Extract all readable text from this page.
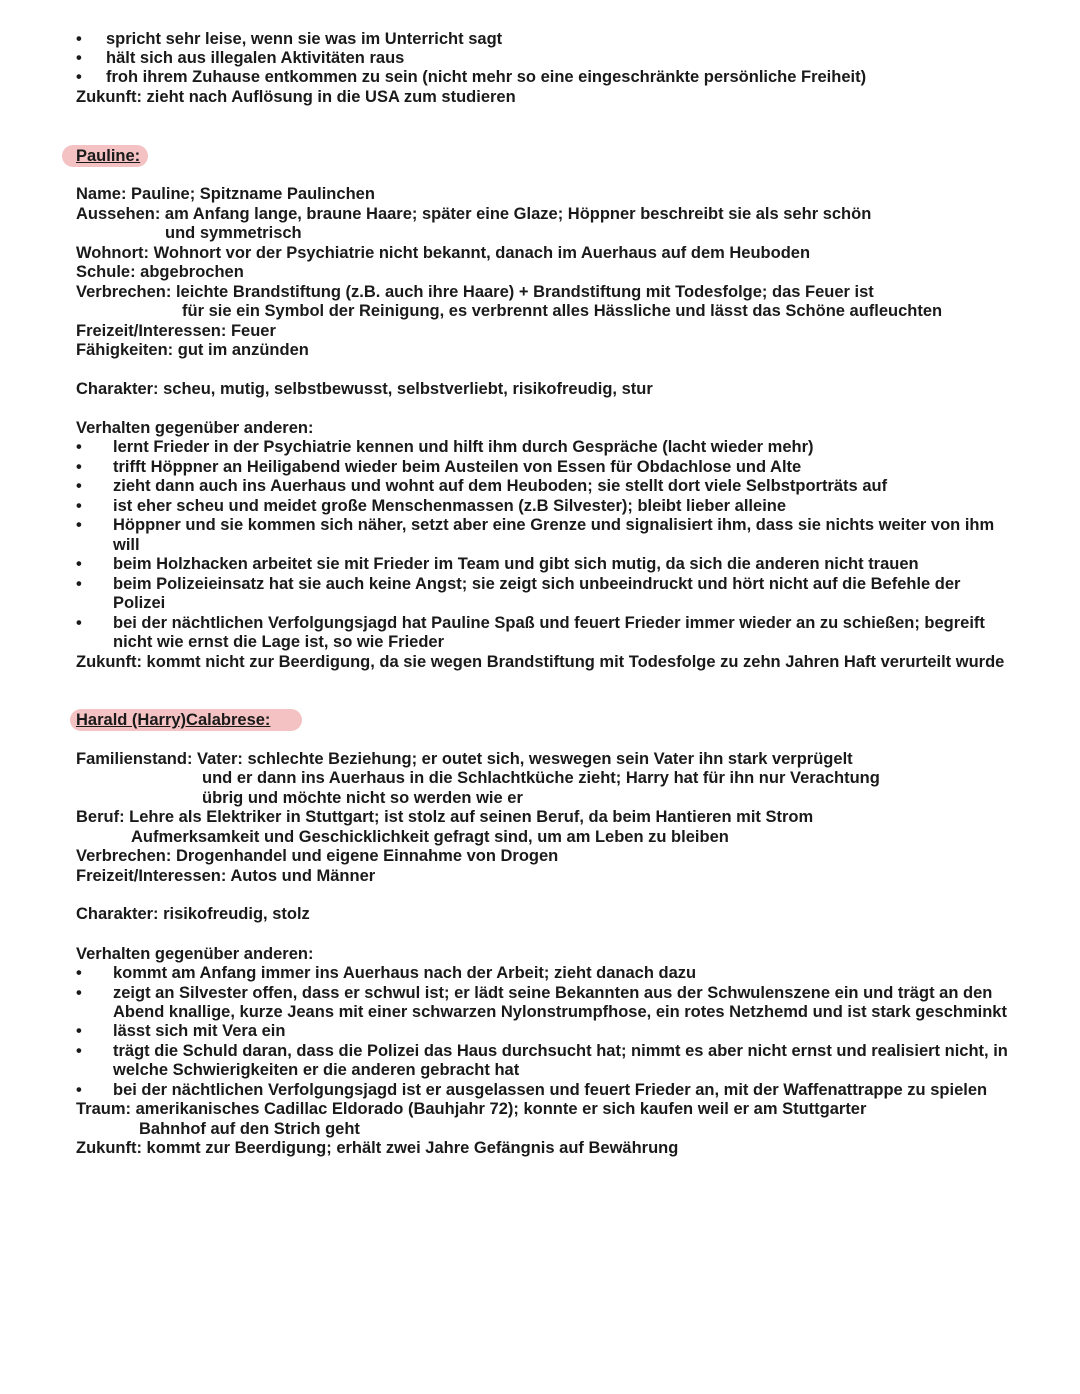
• spricht sehr leise, wenn sie was im Unterricht sagt
• hält sich aus illegalen Aktivitäten raus
• froh ihrem Zuhause entkommen zu sein (nicht mehr so eine eingeschränkte persönliche Freiheit)
Zukunft: zieht nach Auflösung in die USA zum studieren
Pauline:
Name: Pauline; Spitzname Paulinchen
Aussehen: am Anfang lange, braune Haare; später eine Glaze; Höppner beschreibt sie als sehr schön
und symmetrisch
Wohnort: Wohnort vor der Psychiatrie nicht bekannt, danach im Auerhaus auf dem Heuboden
Schule: abgebrochen
Verbrechen: leichte Brandstiftung (z.B. auch ihre Haare) + Brandstiftung mit Todesfolge; das Feuer ist
für sie ein Symbol der Reinigung, es verbrennt alles Hässliche und lässt das Schöne aufleuchten
Freizeit/Interessen: Feuer
Fähigkeiten: gut im anzünden
Charakter: scheu, mutig, selbstbewusst, selbstverliebt, risikofreudig, stur
Verhalten gegenüber anderen:
• lernt Frieder in der Psychiatrie kennen und hilft ihm durch Gespräche (lacht wieder mehr)
• trifft Höppner an Heiligabend wieder beim Austeilen von Essen für Obdachlose und Alte
• zieht dann auch ins Auerhaus und wohnt auf dem Heuboden; sie stellt dort viele Selbstporträts auf
• ist eher scheu und meidet große Menschenmassen (z.B Silvester); bleibt lieber alleine
• Höppner und sie kommen sich näher, setzt aber eine Grenze und signalisiert ihm, dass sie nichts weiter von ihm
will
• beim Holzhacken arbeitet sie mit Frieder im Team und gibt sich mutig, da sich die anderen nicht trauen
• beim Polizeieinsatz hat sie auch keine Angst; sie zeigt sich unbeeindruckt und hört nicht auf die Befehle der
Polizei
• bei der nächtlichen Verfolgungsjagd hat Pauline Spaß und feuert Frieder immer wieder an zu schießen; begreift
nicht wie ernst die Lage ist, so wie Frieder
Zukunft: kommt nicht zur Beerdigung, da sie wegen Brandstiftung mit Todesfolge zu zehn Jahren Haft verurteilt wurde
Harald (Harry)Calabrese:
Familienstand: Vater: schlechte Beziehung; er outet sich, weswegen sein Vater ihn stark verprügelt
und er dann ins Auerhaus in die Schlachtküche zieht; Harry hat für ihn nur Verachtung
übrig und möchte nicht so werden wie er
Beruf: Lehre als Elektriker in Stuttgart; ist stolz auf seinen Beruf, da beim Hantieren mit Strom
Aufmerksamkeit und Geschicklichkeit gefragt sind, um am Leben zu bleiben
Verbrechen: Drogenhandel und eigene Einnahme von Drogen
Freizeit/Interessen: Autos und Männer
Charakter: risikofreudig, stolz
Verhalten gegenüber anderen:
• kommt am Anfang immer ins Auerhaus nach der Arbeit; zieht danach dazu
• zeigt an Silvester offen, dass er schwul ist; er lädt seine Bekannten aus der Schwulenszene ein und trägt an den
Abend knallige, kurze Jeans mit einer schwarzen Nylonstrumpfhose, ein rotes Netzhemd und ist stark geschminkt
• lässt sich mit Vera ein
• trägt die Schuld daran, dass die Polizei das Haus durchsucht hat; nimmt es aber nicht ernst und realisiert nicht, in
welche Schwierigkeiten er die anderen gebracht hat
• bei der nächtlichen Verfolgungsjagd ist er ausgelassen und feuert Frieder an, mit der Waffenattrappe zu spielen
Traum: amerikanisches Cadillac Eldorado (Bauhjahr 72); konnte er sich kaufen weil er am Stuttgarter
Bahnhof auf den Strich geht
Zukunft: kommt zur Beerdigung; erhält zwei Jahre Gefängnis auf Bewährung
